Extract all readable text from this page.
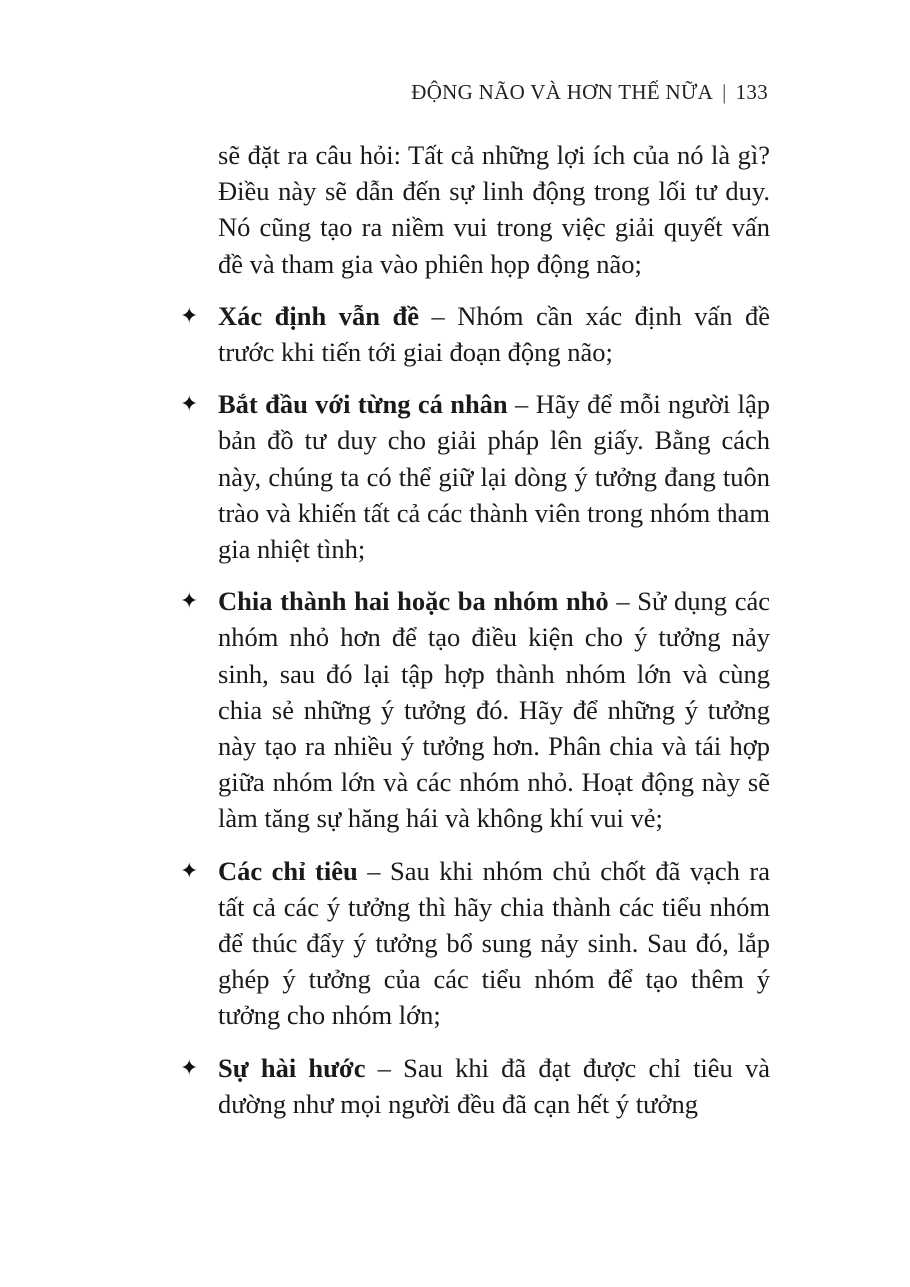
ĐỘNG NÃO VÀ HƠN THẾ NỮA | 133

sẽ đặt ra câu hỏi: Tất cả những lợi ích của nó là gì? Điều này sẽ dẫn đến sự linh động trong lối tư duy. Nó cũng tạo ra niềm vui trong việc giải quyết vấn đề và tham gia vào phiên họp động não;

✦ Xác định vẫn đề – Nhóm cần xác định vấn đề trước khi tiến tới giai đoạn động não;
✦ Bắt đầu với từng cá nhân – Hãy để mỗi người lập bản đồ tư duy cho giải pháp lên giấy. Bằng cách này, chúng ta có thể giữ lại dòng ý tưởng đang tuôn trào và khiến tất cả các thành viên trong nhóm tham gia nhiệt tình;
✦ Chia thành hai hoặc ba nhóm nhỏ – Sử dụng các nhóm nhỏ hơn để tạo điều kiện cho ý tưởng nảy sinh, sau đó lại tập hợp thành nhóm lớn và cùng chia sẻ những ý tưởng đó. Hãy để những ý tưởng này tạo ra nhiều ý tưởng hơn. Phân chia và tái hợp giữa nhóm lớn và các nhóm nhỏ. Hoạt động này sẽ làm tăng sự hăng hái và không khí vui vẻ;
✦ Các chỉ tiêu – Sau khi nhóm chủ chốt đã vạch ra tất cả các ý tưởng thì hãy chia thành các tiểu nhóm để thúc đẩy ý tưởng bổ sung nảy sinh. Sau đó, lắp ghép ý tưởng của các tiểu nhóm để tạo thêm ý tưởng cho nhóm lớn;
✦ Sự hài hước – Sau khi đã đạt được chỉ tiêu và dường như mọi người đều đã cạn hết ý tưởng
